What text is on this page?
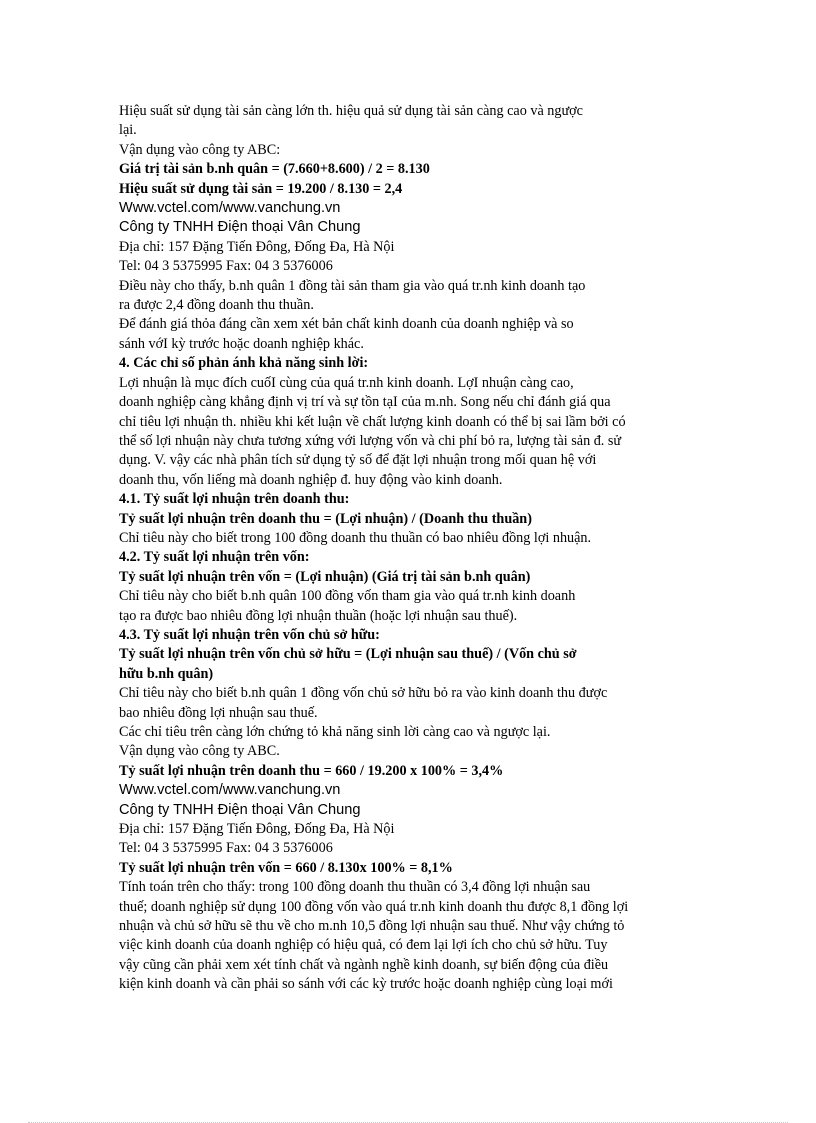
Hiệu suất sử dụng tài sản càng lớn th. hiệu quả sử dụng tài sản càng cao và ngược
lại.
Vận dụng vào công ty ABC:
Giá trị tài sản b.nh quân = (7.660+8.600) / 2 = 8.130
Hiệu suất sử dụng tài sản = 19.200 / 8.130 = 2,4
Www.vctel.com/www.vanchung.vn
Công ty TNHH Điện thoại Vân Chung
Địa chỉ: 157 Đặng Tiến Đông, Đống Đa, Hà Nội
Tel: 04 3 5375995 Fax: 04 3 5376006
Điều này cho thấy, b.nh quân 1 đồng tài sản tham gia vào quá tr.nh kinh doanh tạo
ra được 2,4 đồng doanh thu thuần.
Để đánh giá thỏa đáng cần xem xét bản chất kinh doanh của doanh nghiệp và so
sánh vớI kỳ trước hoặc doanh nghiệp khác.
4. Các chỉ số phản ánh khả năng sinh lời:
Lợi nhuận là mục đích cuốI cùng của quá tr.nh kinh doanh. LợI nhuận càng cao,
doanh nghiệp càng khẳng định vị trí và sự tồn tạI của m.nh. Song nếu chỉ đánh giá qua
chỉ tiêu lợi nhuận th. nhiều khi kết luận về chất lượng kinh doanh có thể bị sai lầm bởi có
thể số lợi nhuận này chưa tương xứng với lượng vốn và chi phí bỏ ra, lượng tài sản đ. sử
dụng. V. vậy các nhà phân tích sử dụng tỷ số để đặt lợi nhuận trong mối quan hệ với
doanh thu, vốn liếng mà doanh nghiệp đ. huy động vào kinh doanh.
4.1. Tỷ suất lợi nhuận trên doanh thu:
Tỷ suất lợi nhuận trên doanh thu = (Lợi nhuận) / (Doanh thu thuần)
Chỉ tiêu này cho biết trong 100 đồng doanh thu thuần có bao nhiêu đồng lợi nhuận.
4.2. Tỷ suất lợi nhuận trên vốn:
Tỷ suất lợi nhuận trên vốn = (Lợi nhuận) (Giá trị tài sản b.nh quân)
Chỉ tiêu này cho biết b.nh quân 100 đồng vốn tham gia vào quá tr.nh kinh doanh
tạo ra được bao nhiêu đồng lợi nhuận thuần (hoặc lợi nhuận sau thuế).
4.3. Tỷ suất lợi nhuận trên vốn chủ sở hữu:
Tỷ suất lợi nhuận trên vốn chủ sở hữu = (Lợi nhuận sau thuế) / (Vốn chủ sở
hữu b.nh quân)
Chỉ tiêu này cho biết b.nh quân 1 đồng vốn chủ sở hữu bỏ ra vào kinh doanh thu được
bao nhiêu đồng lợi nhuận sau thuế.
Các chỉ tiêu trên càng lớn chứng tỏ khả năng sinh lời càng cao và ngược lại.
Vận dụng vào công ty ABC.
Tỷ suất lợi nhuận trên doanh thu = 660 / 19.200 x 100% = 3,4%
Www.vctel.com/www.vanchung.vn
Công ty TNHH Điện thoại Vân Chung
Địa chỉ: 157 Đặng Tiến Đông, Đống Đa, Hà Nội
Tel: 04 3 5375995 Fax: 04 3 5376006
Tỷ suất lợi nhuận trên vốn = 660 / 8.130x 100% = 8,1%
Tính toán trên cho thấy: trong 100 đồng doanh thu thuần có 3,4 đồng lợi nhuận sau
thuế; doanh nghiệp sử dụng 100 đồng vốn vào quá tr.nh kinh doanh thu được 8,1 đồng lợi
nhuận và chủ sở hữu sẽ thu về cho m.nh 10,5 đồng lợi nhuận sau thuế. Như vậy chứng tỏ
việc kinh doanh của doanh nghiệp có hiệu quả, có đem lại lợi ích cho chủ sở hữu. Tuy
vậy cũng cần phải xem xét tính chất và ngành nghề kinh doanh, sự biến động của điều
kiện kinh doanh và cần phải so sánh với các kỳ trước hoặc doanh nghiệp cùng loại mới
